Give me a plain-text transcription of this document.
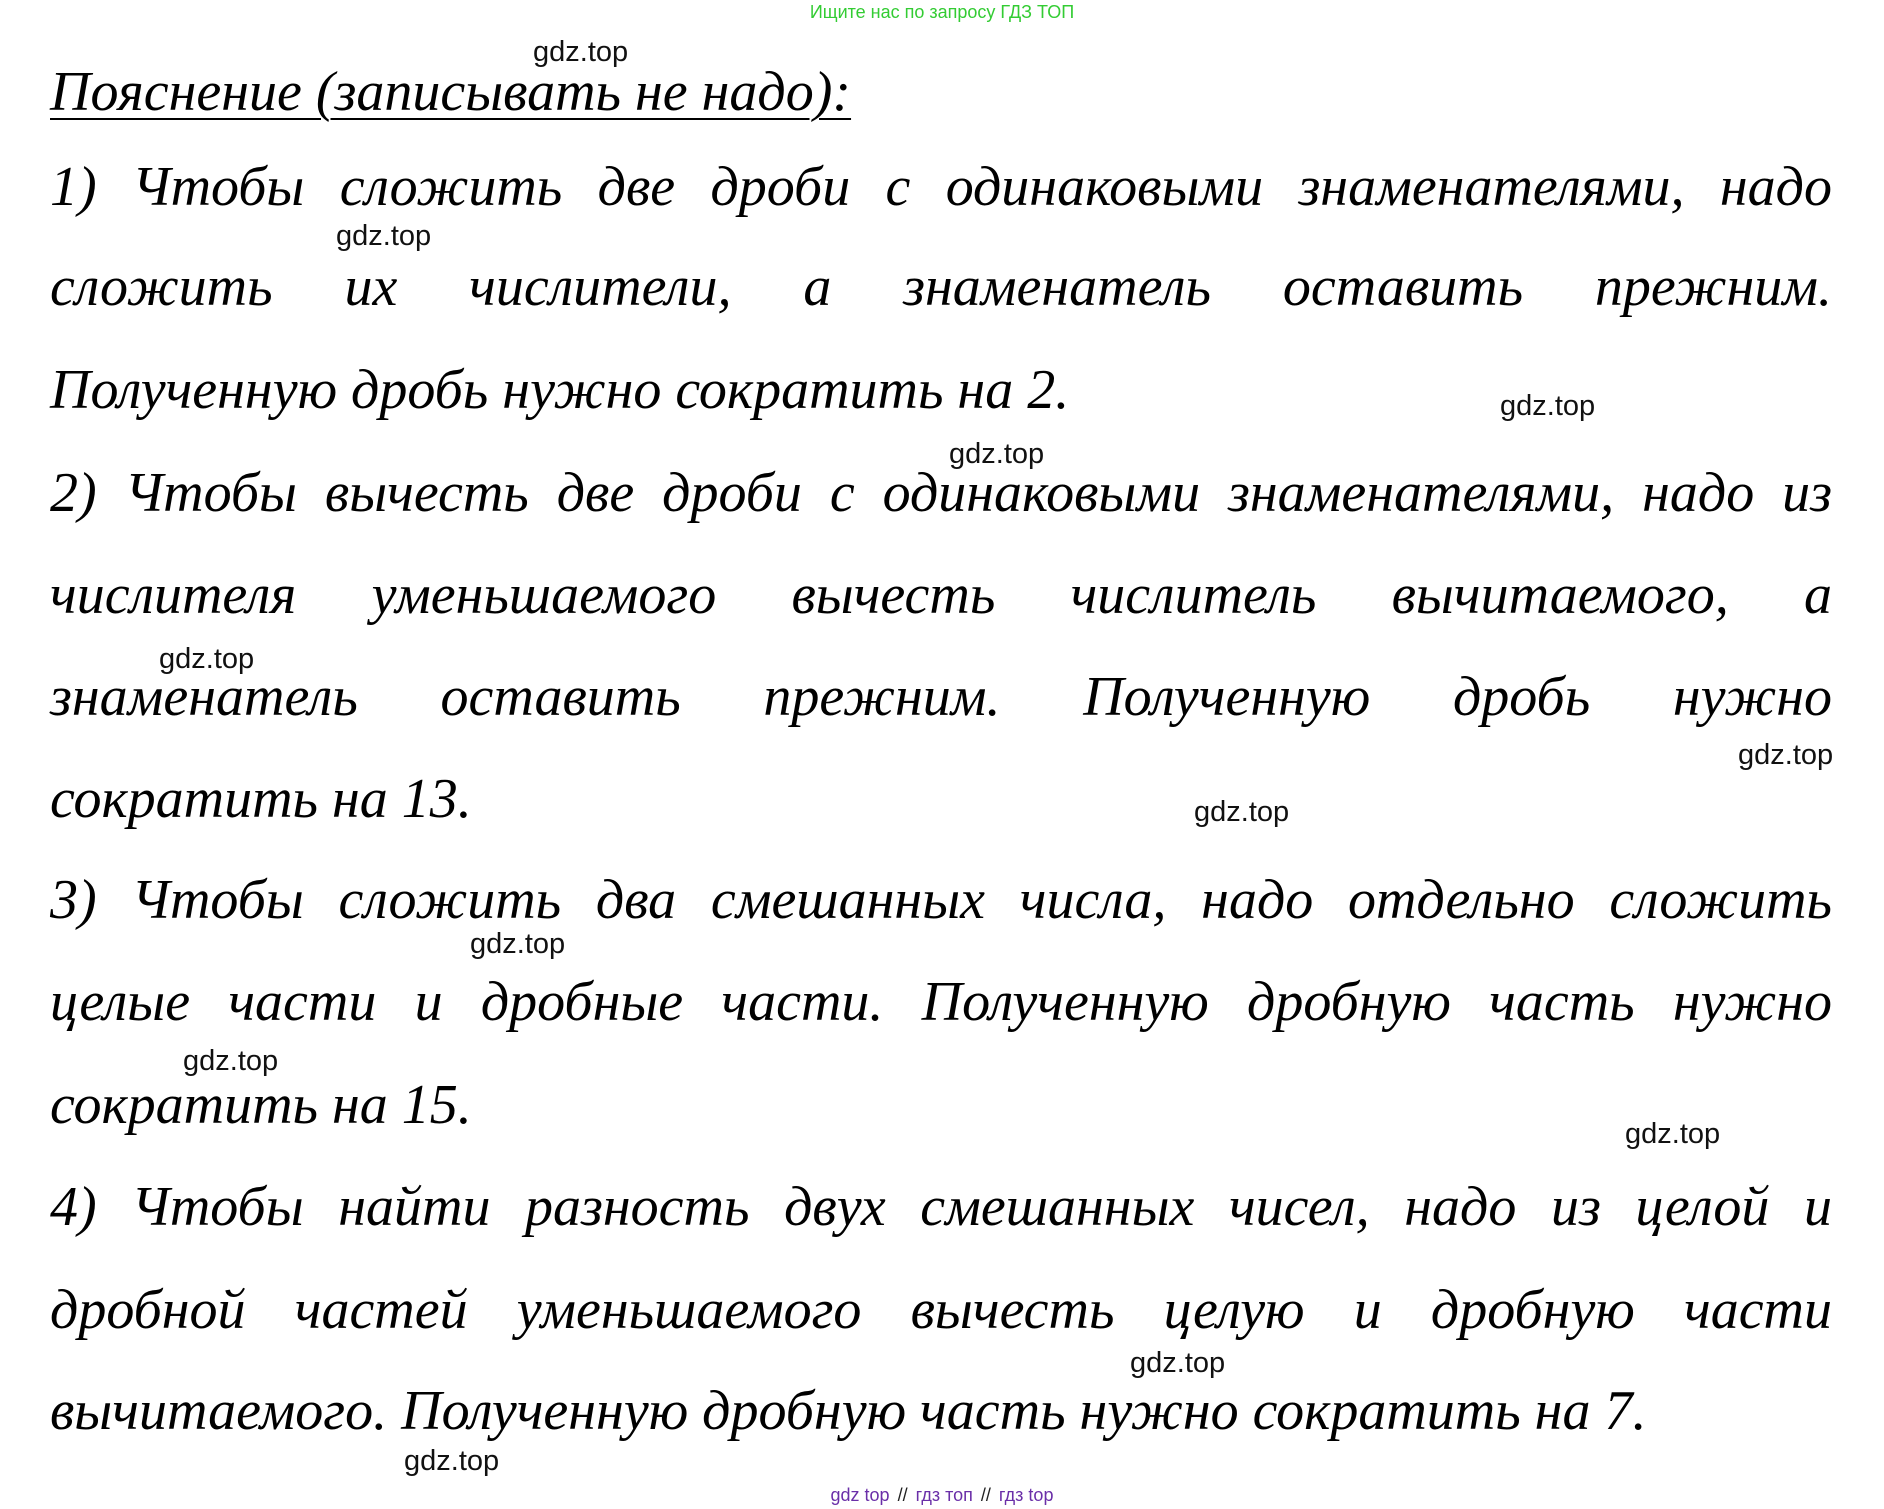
Ищите нас по запросу ГДЗ ТОП
Пояснение (записывать не надо):
1) Чтобы сложить две дроби с одинаковыми знаменателями, надо
сложить их числители, а знаменатель оставить прежним.
Полученную дробь нужно сократить на 2.
2) Чтобы вычесть две дроби с одинаковыми знаменателями, надо из
числителя уменьшаемого вычесть числитель вычитаемого, а
знаменатель оставить прежним. Полученную дробь нужно
сократить на 13.
3) Чтобы сложить два смешанных числа, надо отдельно сложить
целые части и дробные части. Полученную дробную часть нужно
сократить на 15.
4) Чтобы найти разность двух смешанных чисел, надо из целой и
дробной частей уменьшаемого вычесть целую и дробную части
вычитаемого. Полученную дробную часть нужно сократить на 7.
gdz.top
gdz.top
gdz.top
gdz.top
gdz.top
gdz.top
gdz.top
gdz.top
gdz.top
gdz.top
gdz.top
gdz.top
gdz top // гдз топ // гдз top
